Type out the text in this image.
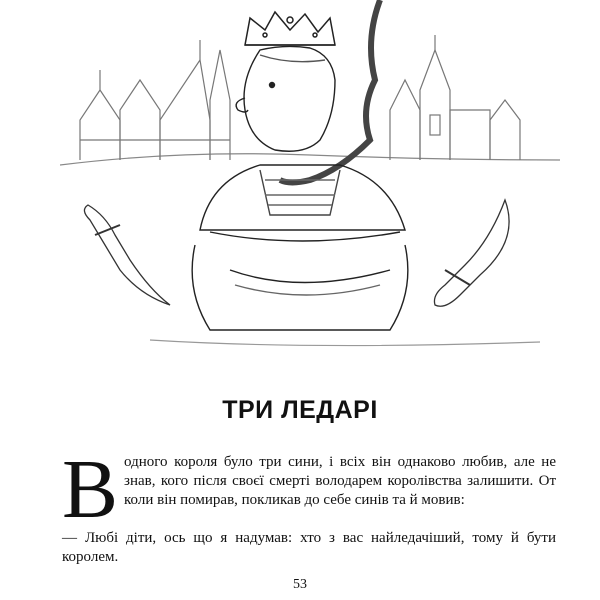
ТРИ ЛЕДАРІ
В одного короля було три сини, і всіх він однаково любив, але не знав, кого після своєї смерті володарем королівства залишити. От коли він помирав, покликав до себе синів та й мовив:

— Любі діти, ось що я надумав: хто з вас найледачіший, тому й бути королем.

53
